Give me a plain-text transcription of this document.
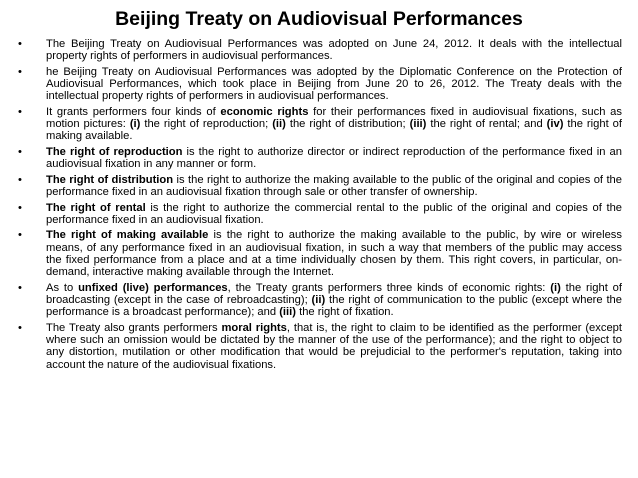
Beijing Treaty on Audiovisual Performances
•	The Beijing Treaty on Audiovisual Performances was adopted on June 24, 2012. It deals with the intellectual property rights of performers in audiovisual performances.
•	he Beijing Treaty on Audiovisual Performances was adopted by the Diplomatic Conference on the Protection of Audiovisual Performances, which took place in Beijing from June 20 to 26, 2012. The Treaty deals with the intellectual property rights of performers in audiovisual performances.
•	It grants performers four kinds of economic rights for their performances fixed in audiovisual fixations, such as motion pictures: (i) the right of reproduction; (ii) the right of distribution; (iii) the right of rental; and (iv) the right of making available.
•	The right of reproduction is the right to authorize director or indirect reproduction of the performance fixed in an audiovisual fixation in any manner or form.
•	The right of distribution is the right to authorize the making available to the public of the original and copies of the performance fixed in an audiovisual fixation through sale or other transfer of ownership.
•	The right of rental is the right to authorize the commercial rental to the public of the original and copies of the performance fixed in an audiovisual fixation.
•	The right of making available is the right to authorize the making available to the public, by wire or wireless means, of any performance fixed in an audiovisual fixation, in such a way that members of the public may access the fixed performance from a place and at a time individually chosen by them. This right covers, in particular, on-demand, interactive making available through the Internet.
•	As to unfixed (live) performances, the Treaty grants performers three kinds of economic rights: (i) the right of broadcasting (except in the case of rebroadcasting); (ii) the right of communication to the public (except where the performance is a broadcast performance); and (iii) the right of fixation.
•	The Treaty also grants performers moral rights, that is, the right to claim to be identified as the performer (except where such an omission would be dictated by the manner of the use of the performance); and the right to object to any distortion, mutilation or other modification that would be prejudicial to the performer's reputation, taking into account the nature of the audiovisual fixations.
